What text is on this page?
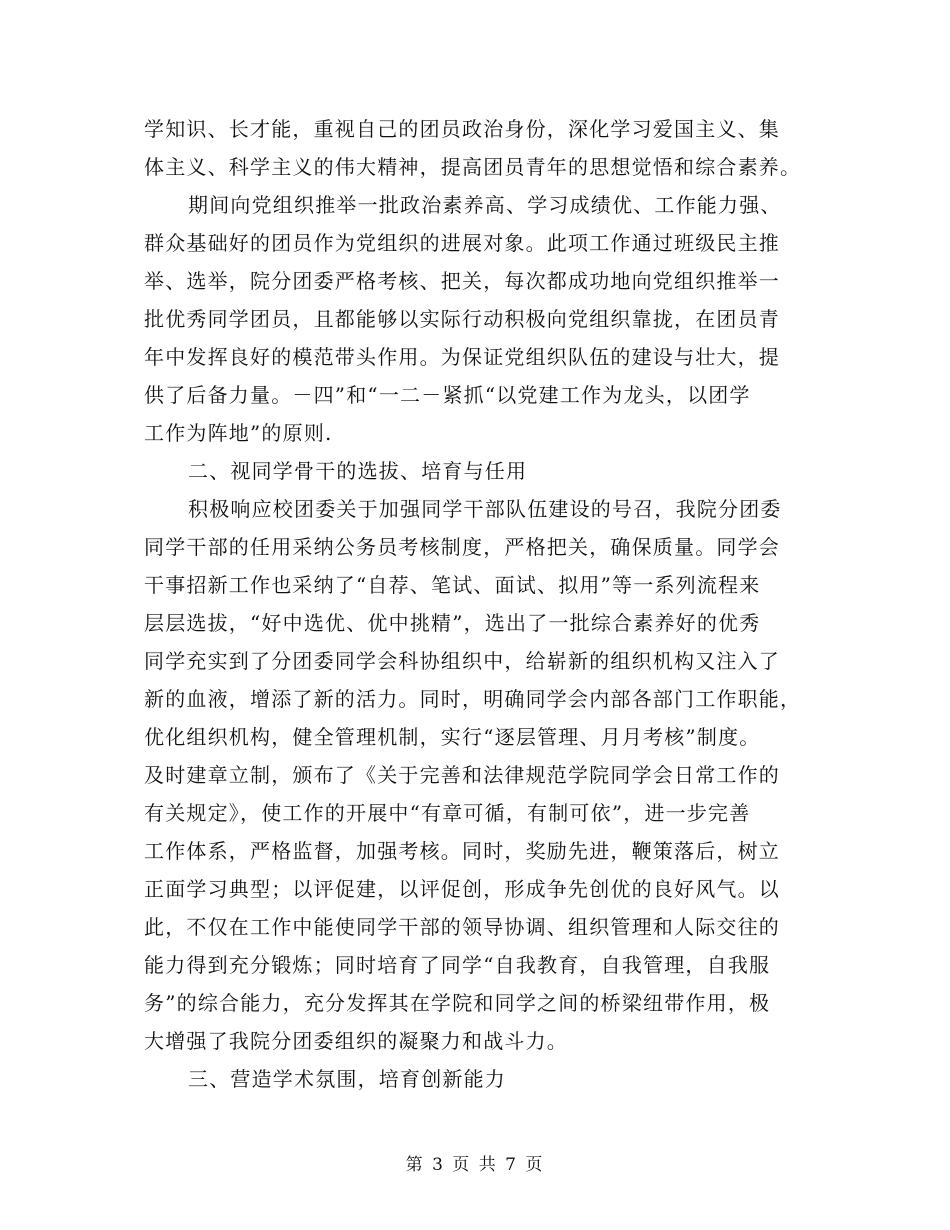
学知识、长才能，重视自己的团员政治身份，深化学习爱国主义、集
体主义、科学主义的伟大精神，提高团员青年的思想觉悟和综合素养。
期间向党组织推举一批政治素养高、学习成绩优、工作能力强、
群众基础好的团员作为党组织的进展对象。此项工作通过班级民主推
举、选举，院分团委严格考核、把关，每次都成功地向党组织推举一
批优秀同学团员，且都能够以实际行动积极向党组织靠拢，在团员青
年中发挥良好的模范带头作用。为保证党组织队伍的建设与壮大，提
供了后备力量。－四”和“一二－紧抓“以党建工作为龙头，以团学
工作为阵地”的原则.
二、视同学骨干的选拔、培育与任用
积极响应校团委关于加强同学干部队伍建设的号召，我院分团委
同学干部的任用采纳公务员考核制度，严格把关，确保质量。同学会
干事招新工作也采纳了“自荐、笔试、面试、拟用”等一系列流程来
层层选拔，“好中选优、优中挑精”，选出了一批综合素养好的优秀
同学充实到了分团委同学会科协组织中，给崭新的组织机构又注入了
新的血液，增添了新的活力。同时，明确同学会内部各部门工作职能，
优化组织机构，健全管理机制，实行“逐层管理、月月考核”制度。
及时建章立制，颁布了《关于完善和法律规范学院同学会日常工作的
有关规定》，使工作的开展中“有章可循，有制可依”，进一步完善
工作体系，严格监督，加强考核。同时，奖励先进，鞭策落后，树立
正面学习典型；以评促建，以评促创，形成争先创优的良好风气。以
此，不仅在工作中能使同学干部的领导协调、组织管理和人际交往的
能力得到充分锻炼；同时培育了同学“自我教育，自我管理，自我服
务”的综合能力，充分发挥其在学院和同学之间的桥梁纽带作用，极
大增强了我院分团委组织的凝聚力和战斗力。
三、营造学术氛围，培育创新能力
第 3 页 共 7 页
